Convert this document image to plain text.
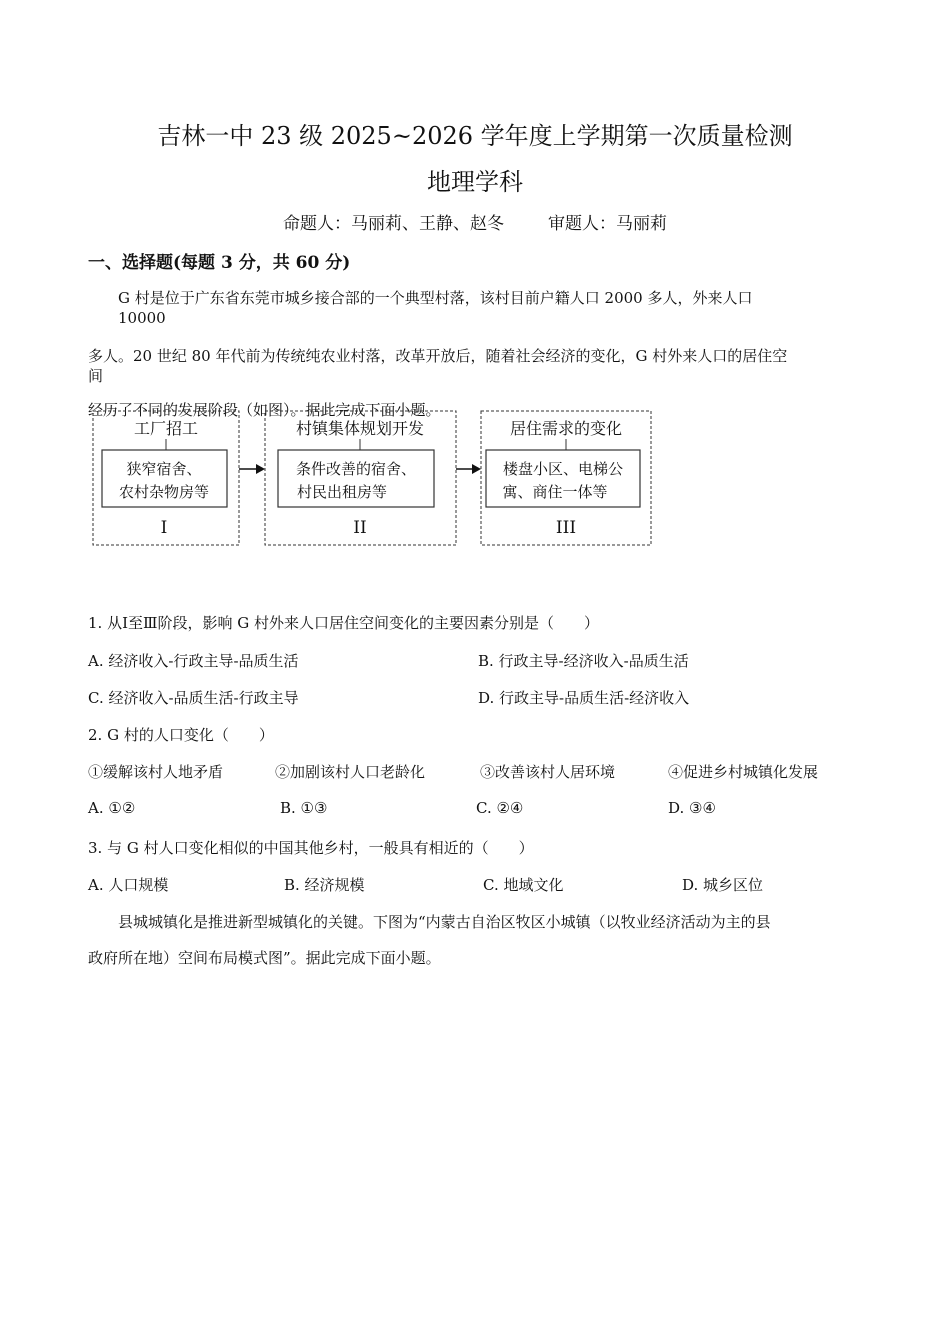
吉林一中 23 级 2025~2026 学年度上学期第一次质量检测
地理学科
命题人：马丽莉、王静、赵冬	审题人：马丽莉
一、选择题(每题 3 分，共 60 分)
G 村是位于广东省东莞市城乡接合部的一个典型村落，该村目前户籍人口 2000 多人，外来人口
10000
多人。20 世纪 80 年代前为传统纯农业村落，改革开放后，随着社会经济的变化，G 村外来人口的居住空
间
经历了不同的发展阶段（如图）。据此完成下面小题。
工厂招工
狭窄宿舍、
农村杂物房等
I
村镇集体规划开发
条件改善的宿舍、
村民出租房等
II
居住需求的变化
楼盘小区、电梯公
寓、商住一体等
III
1. 从Ⅰ至Ⅲ阶段，影响 G 村外来人口居住空间变化的主要因素分别是（　　）
A. 经济收入-行政主导-品质生活	B. 行政主导-经济收入-品质生活
C. 经济收入-品质生活-行政主导	D. 行政主导-品质生活-经济收入
2. G 村的人口变化（　　）
①缓解该村人地矛盾	②加剧该村人口老龄化	③改善该村人居环境	④促进乡村城镇化发展
A. ①②	B. ①③	C. ②④	D. ③④
3. 与 G 村人口变化相似的中国其他乡村，一般具有相近的（　　）
A. 人口规模	B. 经济规模	C. 地域文化	D. 城乡区位
县城城镇化是推进新型城镇化的关键。下图为“内蒙古自治区牧区小城镇（以牧业经济活动为主的县
政府所在地）空间布局模式图”。据此完成下面小题。
